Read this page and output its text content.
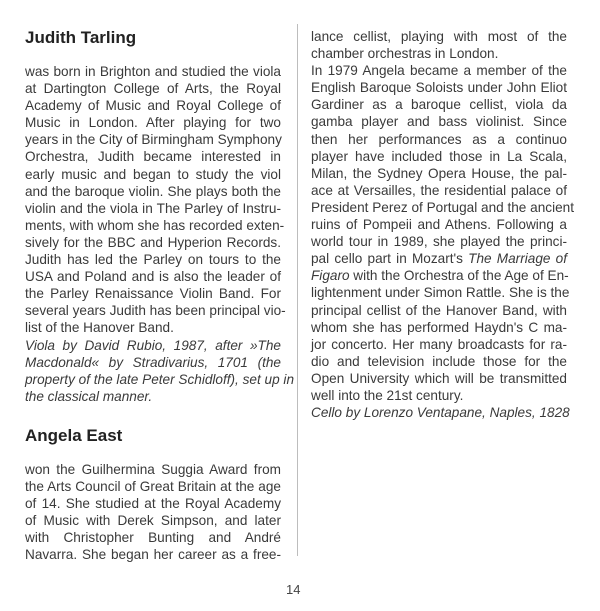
Judith Tarling
was born in Brighton and studied the viola
at Dartington College of Arts, the Royal
Academy of Music and Royal College of
Music in London. After playing for two
years in the City of Birmingham Symphony
Orchestra, Judith became interested in
early music and began to study the viol
and the baroque violin. She plays both the
violin and the viola in The Parley of Instru-
ments, with whom she has recorded exten-
sively for the BBC and Hyperion Records.
Judith has led the Parley on tours to the
USA and Poland and is also the leader of
the Parley Renaissance Violin Band. For
several years Judith has been principal vio-
list of the Hanover Band.
Viola by David Rubio, 1987, after »The
Macdonald« by Stradivarius, 1701 (the
property of the late Peter Schidloff), set up in
the classical manner.
Angela East
won the Guilhermina Suggia Award from
the Arts Council of Great Britain at the age
of 14. She studied at the Royal Academy
of Music with Derek Simpson, and later
with Christopher Bunting and André
Navarra. She began her career as a free-
lance cellist, playing with most of the
chamber orchestras in London.
In 1979 Angela became a member of the
English Baroque Soloists under John Eliot
Gardiner as a baroque cellist, viola da
gamba player and bass violinist. Since
then her performances as a continuo
player have included those in La Scala,
Milan, the Sydney Opera House, the pal-
ace at Versailles, the residential palace of
President Perez of Portugal and the ancient
ruins of Pompeii and Athens. Following a
world tour in 1989, she played the princi-
pal cello part in Mozart's The Marriage of
Figaro with the Orchestra of the Age of En-
lightenment under Simon Rattle. She is the
principal cellist of the Hanover Band, with
whom she has performed Haydn's C ma-
jor concerto. Her many broadcasts for ra-
dio and television include those for the
Open University which will be transmitted
well into the 21st century.
Cello by Lorenzo Ventapane, Naples, 1828
14
